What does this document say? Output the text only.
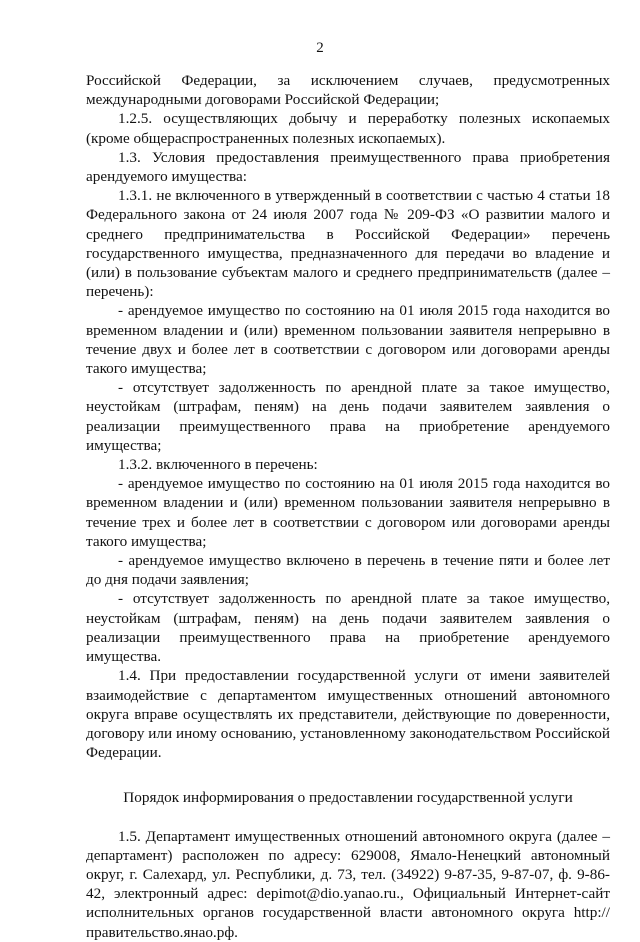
2

Российской Федерации, за исключением случаев, предусмотренных международными договорами Российской Федерации;

1.2.5. осуществляющих добычу и переработку полезных ископаемых (кроме общераспространенных полезных ископаемых).

1.3. Условия предоставления преимущественного права приобретения арендуемого имущества:

1.3.1. не включенного в утвержденный в соответствии с частью 4 статьи 18 Федерального закона от 24 июля 2007 года № 209-ФЗ «О развитии малого и среднего предпринимательства в Российской Федерации» перечень государственного имущества, предназначенного для передачи во владение и (или) в пользование субъектам малого и среднего предпринимательств (далее – перечень):

- арендуемое имущество по состоянию на 01 июля 2015 года находится во временном владении и (или) временном пользовании заявителя непрерывно в течение двух и более лет в соответствии с договором или договорами аренды такого имущества;

- отсутствует задолженность по арендной плате за такое имущество, неустойкам (штрафам, пеням) на день подачи заявителем заявления о реализации преимущественного права на приобретение арендуемого имущества;

1.3.2. включенного в перечень:

- арендуемое имущество по состоянию на 01 июля 2015 года находится во временном владении и (или) временном пользовании заявителя непрерывно в течение трех и более лет в соответствии с договором или договорами аренды такого имущества;

- арендуемое имущество включено в перечень в течение пяти и более лет до дня подачи заявления;

- отсутствует задолженность по арендной плате за такое имущество, неустойкам (штрафам, пеням) на день подачи заявителем заявления о реализации преимущественного права на приобретение арендуемого имущества.

1.4. При предоставлении государственной услуги от имени заявителей взаимодействие с департаментом имущественных отношений автономного округа вправе осуществлять их представители, действующие по доверенности, договору или иному основанию, установленному законодательством Российской Федерации.

Порядок информирования о предоставлении государственной услуги

1.5. Департамент имущественных отношений автономного округа (далее – департамент) расположен по адресу: 629008, Ямало-Ненецкий автономный округ, г. Салехард, ул. Республики, д. 73, тел. (34922) 9-87-35, 9-87-07, ф. 9-86-42, электронный адрес: depimot@dio.yanao.ru., Официальный Интернет-сайт исполнительных органов государственной власти автономного округа http://правительство.янао.рф.
